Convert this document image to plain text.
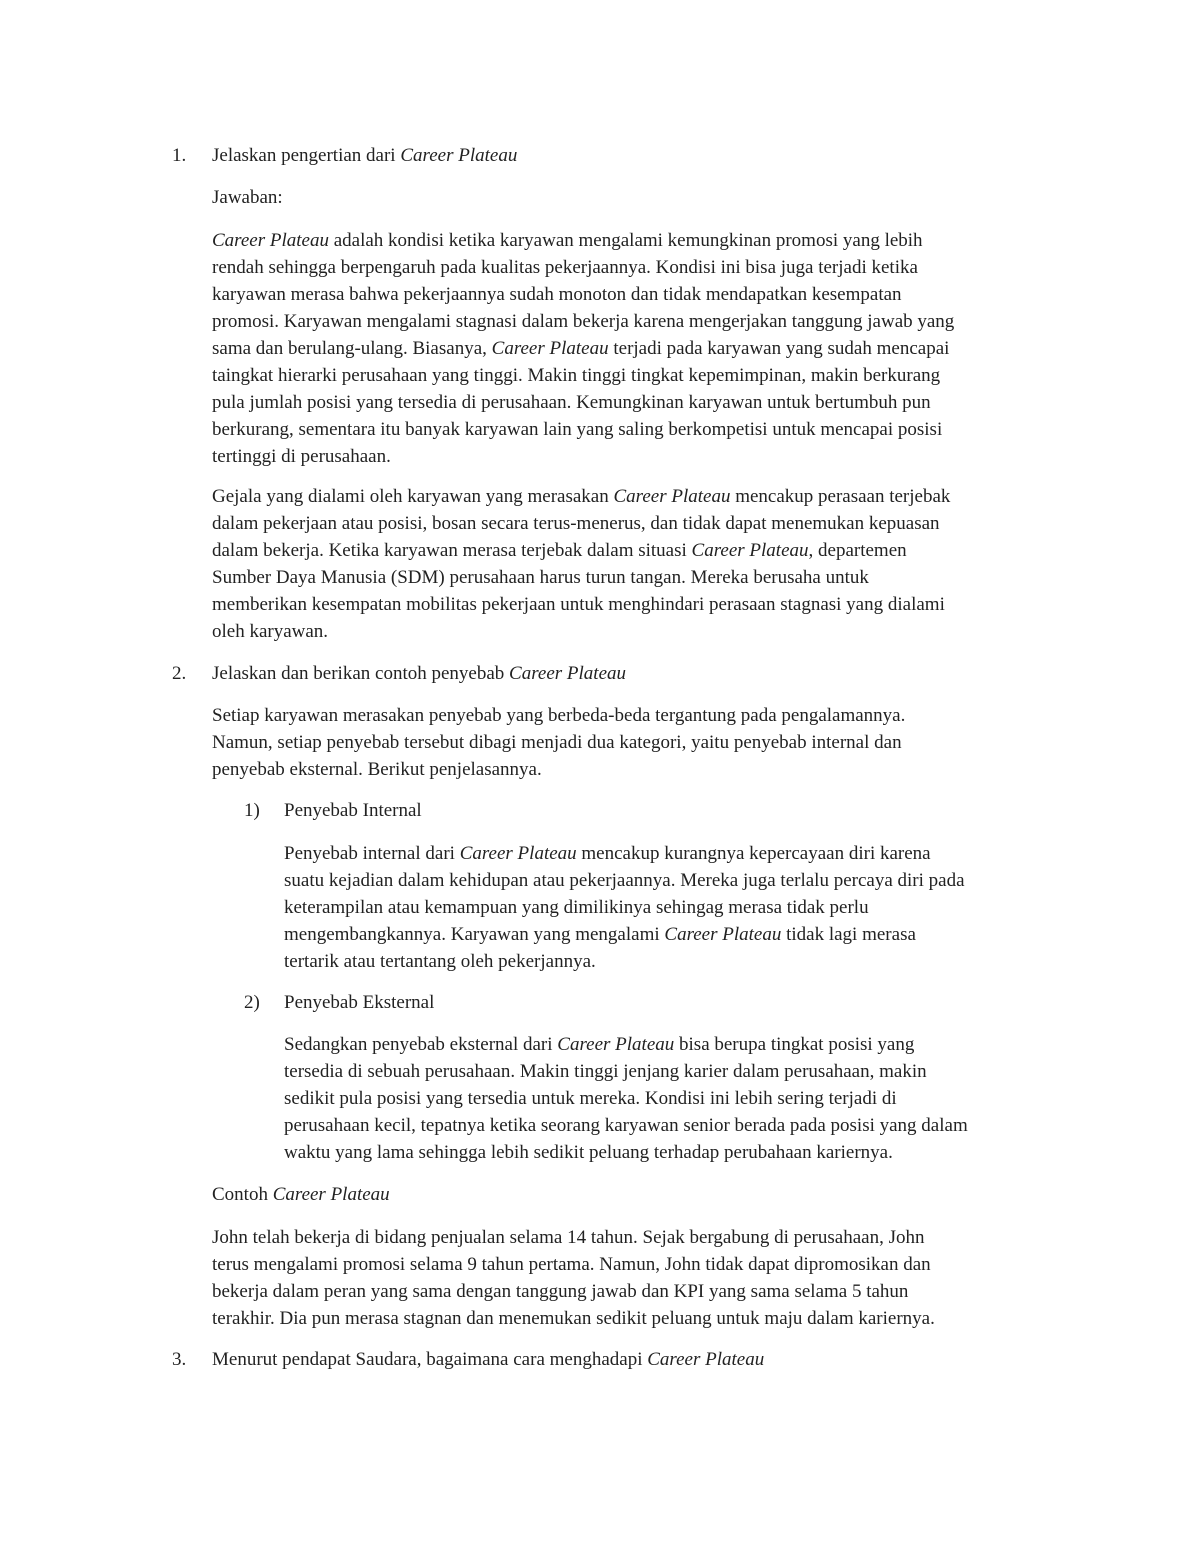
1. Jelaskan pengertian dari Career Plateau
Jawaban:
Career Plateau adalah kondisi ketika karyawan mengalami kemungkinan promosi yang lebih
rendah sehingga berpengaruh pada kualitas pekerjaannya. Kondisi ini bisa juga terjadi ketika
karyawan merasa bahwa pekerjaannya sudah monoton dan tidak mendapatkan kesempatan
promosi. Karyawan mengalami stagnasi dalam bekerja karena mengerjakan tanggung jawab yang
sama dan berulang-ulang. Biasanya, Career Plateau terjadi pada karyawan yang sudah mencapai
taingkat hierarki perusahaan yang tinggi. Makin tinggi tingkat kepemimpinan, makin berkurang
pula jumlah posisi yang tersedia di perusahaan. Kemungkinan karyawan untuk bertumbuh pun
berkurang, sementara itu banyak karyawan lain yang saling berkompetisi untuk mencapai posisi
tertinggi di perusahaan.
Gejala yang dialami oleh karyawan yang merasakan Career Plateau mencakup perasaan terjebak
dalam pekerjaan atau posisi, bosan secara terus-menerus, dan tidak dapat menemukan kepuasan
dalam bekerja. Ketika karyawan merasa terjebak dalam situasi Career Plateau, departemen
Sumber Daya Manusia (SDM) perusahaan harus turun tangan. Mereka berusaha untuk
memberikan kesempatan mobilitas pekerjaan untuk menghindari perasaan stagnasi yang dialami
oleh karyawan.
2. Jelaskan dan berikan contoh penyebab Career Plateau
Setiap karyawan merasakan penyebab yang berbeda-beda tergantung pada pengalamannya.
Namun, setiap penyebab tersebut dibagi menjadi dua kategori, yaitu penyebab internal dan
penyebab eksternal. Berikut penjelasannya.
1) Penyebab Internal
Penyebab internal dari Career Plateau mencakup kurangnya kepercayaan diri karena
suatu kejadian dalam kehidupan atau pekerjaannya. Mereka juga terlalu percaya diri pada
keterampilan atau kemampuan yang dimilikinya sehingag merasa tidak perlu
mengembangkannya. Karyawan yang mengalami Career Plateau tidak lagi merasa
tertarik atau tertantang oleh pekerjannya.
2) Penyebab Eksternal
Sedangkan penyebab eksternal dari Career Plateau bisa berupa tingkat posisi yang
tersedia di sebuah perusahaan. Makin tinggi jenjang karier dalam perusahaan, makin
sedikit pula posisi yang tersedia untuk mereka. Kondisi ini lebih sering terjadi di
perusahaan kecil, tepatnya ketika seorang karyawan senior berada pada posisi yang dalam
waktu yang lama sehingga lebih sedikit peluang terhadap perubahaan kariernya.
Contoh Career Plateau
John telah bekerja di bidang penjualan selama 14 tahun. Sejak bergabung di perusahaan, John
terus mengalami promosi selama 9 tahun pertama. Namun, John tidak dapat dipromosikan dan
bekerja dalam peran yang sama dengan tanggung jawab dan KPI yang sama selama 5 tahun
terakhir. Dia pun merasa stagnan dan menemukan sedikit peluang untuk maju dalam kariernya.
3. Menurut pendapat Saudara, bagaimana cara menghadapi Career Plateau
